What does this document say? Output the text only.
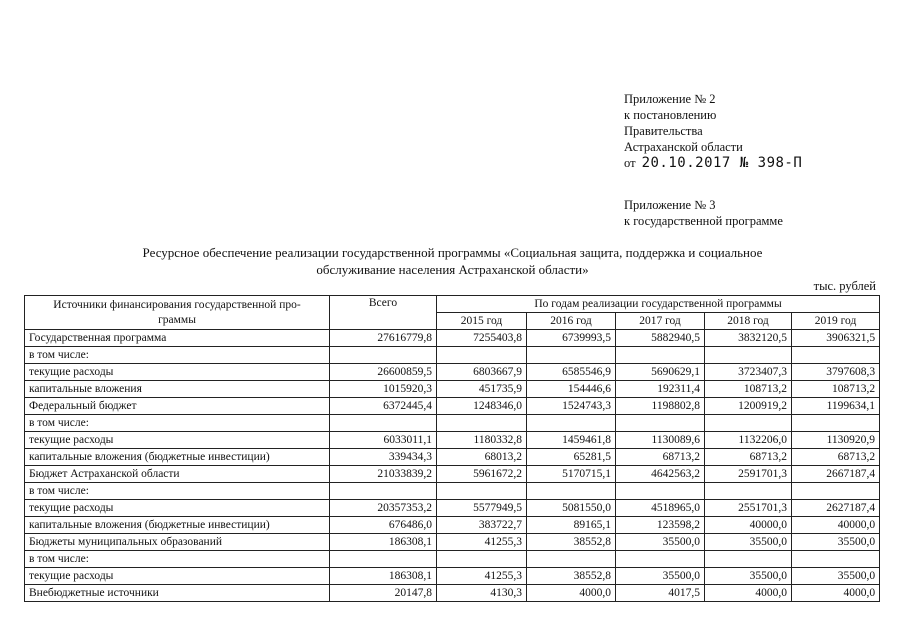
Приложение № 2
к постановлению
Правительства
Астраханской области
от 20.10.2017 № 398-П
Приложение № 3
к государственной программе
Ресурсное обеспечение реализации государственной программы «Социальная защита, поддержка и социальное
обслуживание населения Астраханской области»
тыс. рублей
Источники финансирования государственной про-
граммы	Всего	По годам реализации государственной программы				
		2015 год	2016 год	2017 год	2018 год	2019 год
Государственная программа	27616779,8	7255403,8	6739993,5	5882940,5	3832120,5	3906321,5
в том числе:						
текущие расходы	26600859,5	6803667,9	6585546,9	5690629,1	3723407,3	3797608,3
капитальные вложения	1015920,3	451735,9	154446,6	192311,4	108713,2	108713,2
Федеральный бюджет	6372445,4	1248346,0	1524743,3	1198802,8	1200919,2	1199634,1
в том числе:						
текущие расходы	6033011,1	1180332,8	1459461,8	1130089,6	1132206,0	1130920,9
капитальные вложения (бюджетные инвестиции)	339434,3	68013,2	65281,5	68713,2	68713,2	68713,2
Бюджет Астраханской области	21033839,2	5961672,2	5170715,1	4642563,2	2591701,3	2667187,4
в том числе:						
текущие расходы	20357353,2	5577949,5	5081550,0	4518965,0	2551701,3	2627187,4
капитальные вложения (бюджетные инвестиции)	676486,0	383722,7	89165,1	123598,2	40000,0	40000,0
Бюджеты муниципальных образований	186308,1	41255,3	38552,8	35500,0	35500,0	35500,0
в том числе:						
текущие расходы	186308,1	41255,3	38552,8	35500,0	35500,0	35500,0
Внебюджетные источники	20147,8	4130,3	4000,0	4017,5	4000,0	4000,0
